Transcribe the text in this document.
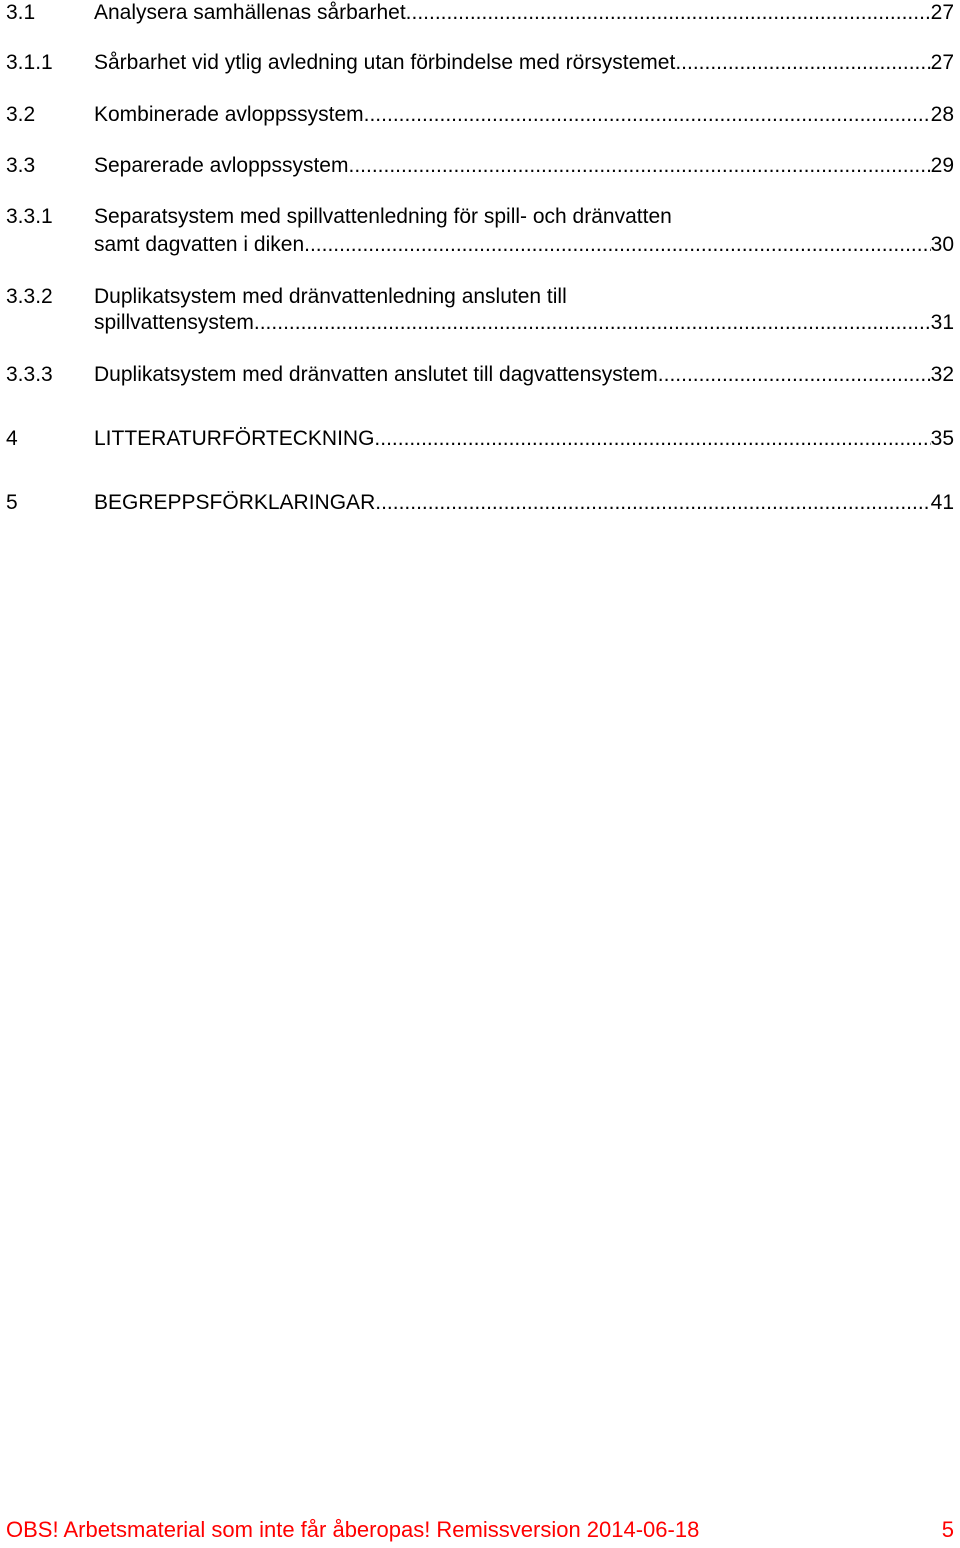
3.1	Analysera samhällenas sårbarhet .....	27
3.1.1	Sårbarhet vid ytlig avledning utan förbindelse med rörsystemet .....	27
3.2	Kombinerade avloppssystem .....	28
3.3	Separerade avloppssystem .....	29
3.3.1	Separatsystem med spillvattenledning för spill- och dränvatten
samt dagvatten i diken .....	30
3.3.2	Duplikatsystem med dränvattenledning ansluten till
spillvattensystem .....	31
3.3.3	Duplikatsystem med dränvatten anslutet till dagvattensystem .....	32
4	LITTERATURFÖRTECKNING .....	35
5	BEGREPPSFÖRKLARINGAR .....	41
OBS! Arbetsmaterial som inte får åberopas! Remissversion 2014-06-18	5
